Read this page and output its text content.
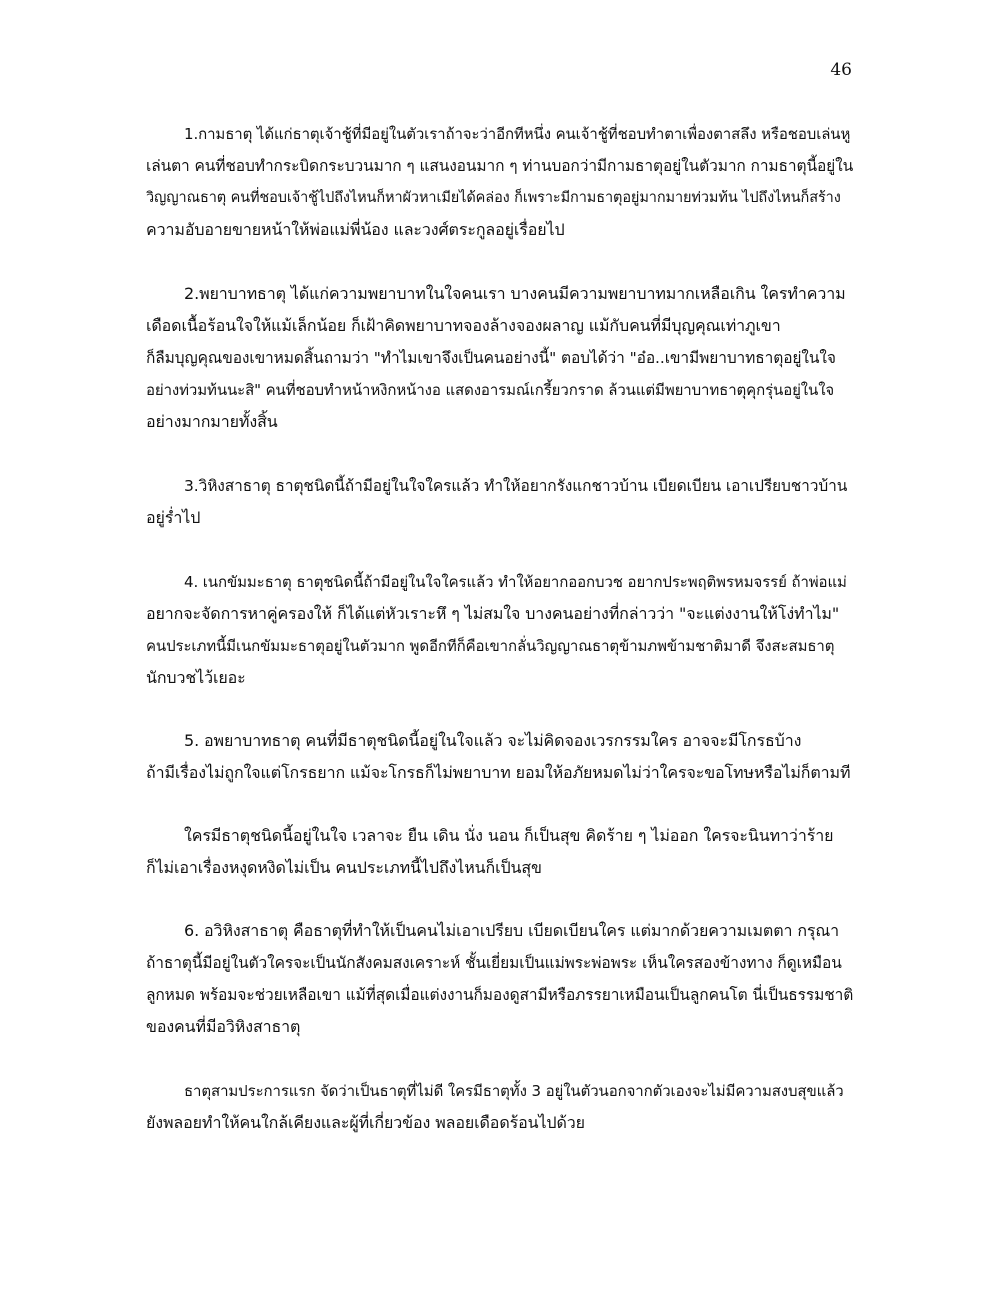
46

1.กามธาตุ ได้แก่ธาตุเจ้าชู้ที่มีอยู่ในตัวเราถ้าจะว่าอีกทีหนึ่ง คนเจ้าชู้ที่ชอบทำตาเพื่องตาสลึง หรือชอบเล่นหู
เล่นตา คนที่ชอบทำกระบิดกระบวนมาก ๆ แสนงอนมาก ๆ ท่านบอกว่ามีกามธาตุอยู่ในตัวมาก กามธาตุนี้อยู่ใน
วิญญาณธาตุ คนที่ชอบเจ้าชู้ไปถึงไหนก็หาผัวหาเมียได้คล่อง ก็เพราะมีกามธาตุอยู่มากมายท่วมท้น ไปถึงไหนก็สร้าง
ความอับอายขายหน้าให้พ่อแม่พี่น้อง และวงศ์ตระกูลอยู่เรื่อยไป

2.พยาบาทธาตุ ได้แก่ความพยาบาทในใจคนเรา บางคนมีความพยาบาทมากเหลือเกิน ใครทำความ
เดือดเนื้อร้อนใจให้แม้เล็กน้อย ก็เฝ้าคิดพยาบาทจองล้างจองผลาญ แม้กับคนที่มีบุญคุณเท่าภูเขา
ก็ลืมบุญคุณของเขาหมดสิ้นถามว่า "ทำไมเขาจึงเป็นคนอย่างนี้" ตอบได้ว่า "อ๋อ..เขามีพยาบาทธาตุอยู่ในใจ
อย่างท่วมท้นนะสิ" คนที่ชอบทำหน้าหงิกหน้างอ แสดงอารมณ์เกรี้ยวกราด ล้วนแต่มีพยาบาทธาตุคุกรุ่นอยู่ในใจ
อย่างมากมายทั้งสิ้น

3.วิหิงสาธาตุ ธาตุชนิดนี้ถ้ามีอยู่ในใจใครแล้ว ทำให้อยากรังแกชาวบ้าน เบียดเบียน เอาเปรียบชาวบ้าน
อยู่ร่ำไป

4. เนกขัมมะธาตุ ธาตุชนิดนี้ถ้ามีอยู่ในใจใครแล้ว ทำให้อยากออกบวช อยากประพฤติพรหมจรรย์ ถ้าพ่อแม่
อยากจะจัดการหาคู่ครองให้ ก็ได้แต่หัวเราะหึ ๆ ไม่สมใจ บางคนอย่างที่กล่าวว่า "จะแต่งงานให้โง่ทำไม"
คนประเภทนี้มีเนกขัมมะธาตุอยู่ในตัวมาก พูดอีกทีก็คือเขากลั่นวิญญาณธาตุข้ามภพข้ามชาติมาดี จึงสะสมธาตุ
นักบวชไว้เยอะ

5. อพยาบาทธาตุ คนที่มีธาตุชนิดนี้อยู่ในใจแล้ว จะไม่คิดจองเวรกรรมใคร อาจจะมีโกรธบ้าง
ถ้ามีเรื่องไม่ถูกใจแต่โกรธยาก แม้จะโกรธก็ไม่พยาบาท ยอมให้อภัยหมดไม่ว่าใครจะขอโทษหรือไม่ก็ตามที

ใครมีธาตุชนิดนี้อยู่ในใจ เวลาจะ ยืน เดิน นั่ง นอน ก็เป็นสุข คิดร้าย ๆ ไม่ออก ใครจะนินทาว่าร้าย
ก็ไม่เอาเรื่องหงุดหงิดไม่เป็น คนประเภทนี้ไปถึงไหนก็เป็นสุข

6. อวิหิงสาธาตุ คือธาตุที่ทำให้เป็นคนไม่เอาเปรียบ เบียดเบียนใคร แต่มากด้วยความเมตตา กรุณา
ถ้าธาตุนี้มีอยู่ในตัวใครจะเป็นนักสังคมสงเคราะห์ ชั้นเยี่ยมเป็นแม่พระพ่อพระ เห็นใครสองข้างทาง ก็ดูเหมือน
ลูกหมด พร้อมจะช่วยเหลือเขา แม้ที่สุดเมื่อแต่งงานก็มองดูสามีหรือภรรยาเหมือนเป็นลูกคนโต นี่เป็นธรรมชาติ
ของคนที่มีอวิหิงสาธาตุ

ธาตุสามประการแรก จัดว่าเป็นธาตุที่ไม่ดี ใครมีธาตุทั้ง 3 อยู่ในตัวนอกจากตัวเองจะไม่มีความสงบสุขแล้ว
ยังพลอยทำให้คนใกล้เคียงและผู้ที่เกี่ยวข้อง พลอยเดือดร้อนไปด้วย
